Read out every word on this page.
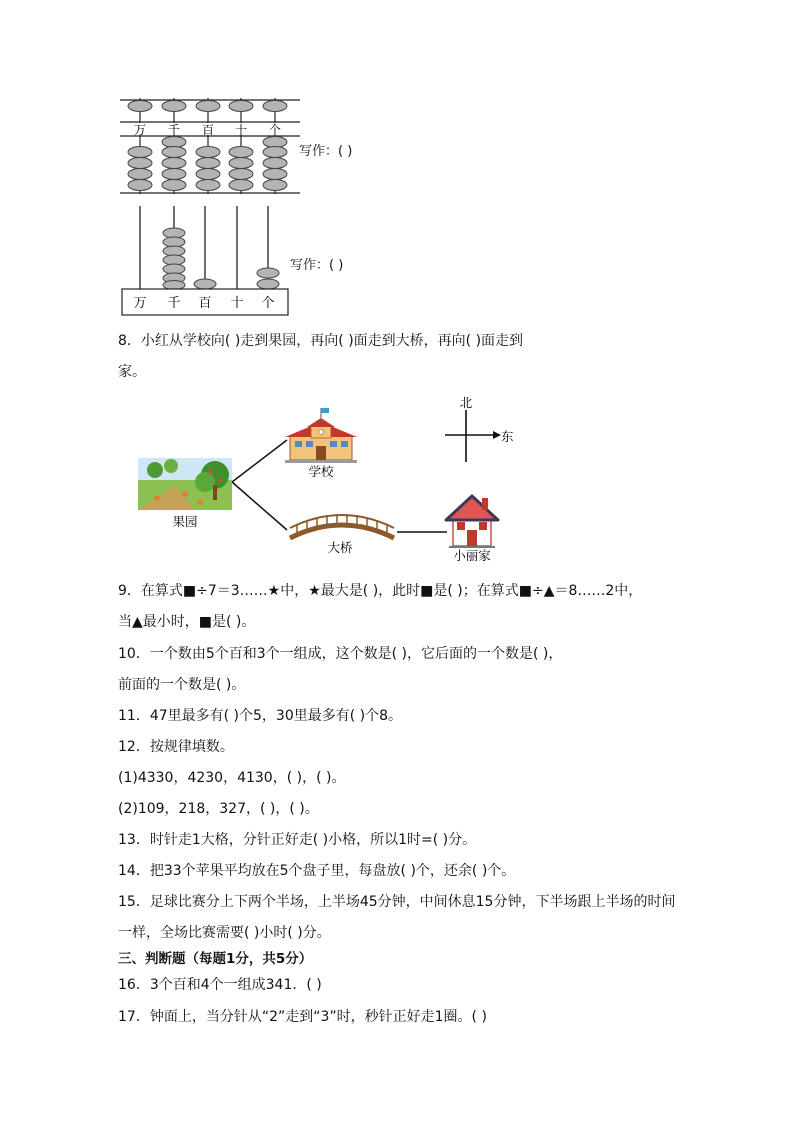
万 千 百 十 个
写作：( )
万 千 百 十 个
写作：( )
8．小红从学校向( )走到果园，再向( )面走到大桥，再向( )面走到
家。
果园
学校
大桥
小丽家
北
东
9．在算式■÷7＝3……★中，★最大是( )，此时■是( )；在算式■÷▲＝8……2中，
当▲最小时，■是( )。
10．一个数由5个百和3个一组成，这个数是( )，它后面的一个数是( )，
前面的一个数是( )。
11．47里最多有( )个5，30里最多有( )个8。
12．按规律填数。
(1)4330，4230，4130，( )，( )。
(2)109，218，327，( )，( )。
13．时针走1大格，分针正好走( )小格，所以1时=( )分。
14．把33个苹果平均放在5个盘子里，每盘放( )个，还余( )个。
15．足球比赛分上下两个半场，上半场45分钟，中间休息15分钟，下半场跟上半场的时间
一样，全场比赛需要( )小时( )分。
三、判断题（每题1分，共5分）
16．3个百和4个一组成341．( )
17．钟面上，当分针从“2”走到“3”时，秒针正好走1圈。( )
